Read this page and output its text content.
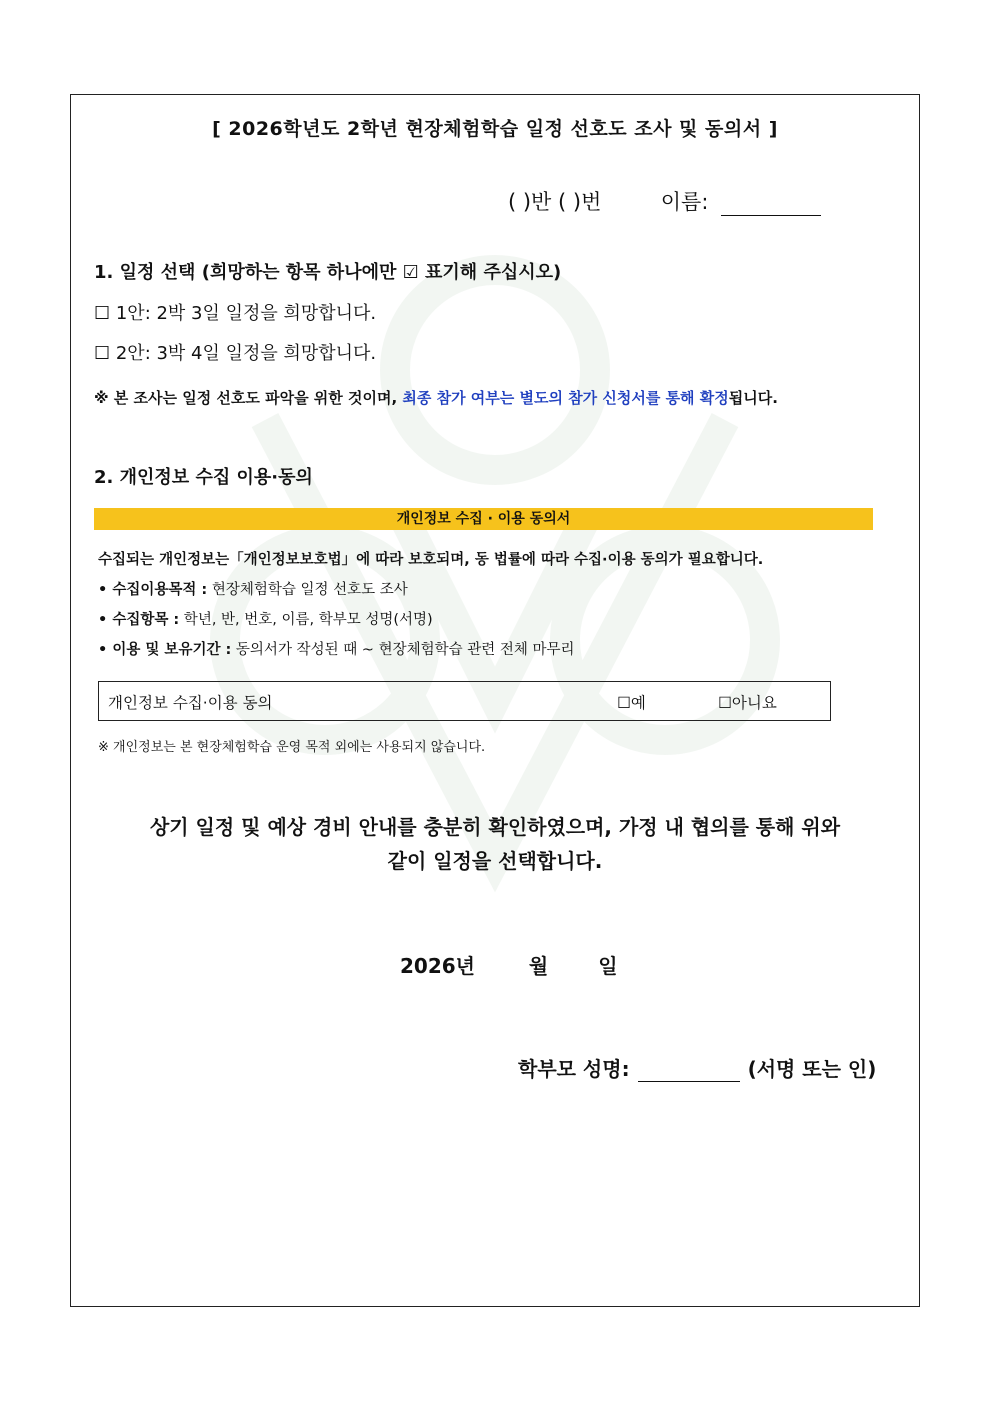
[ 2026학년도 2학년 현장체험학습 일정 선호도 조사 및 동의서 ]
( )반 ( )번	이름:
1. 일정 선택 (희망하는 항목 하나에만 ☑ 표기해 주십시오)
☐ 1안: 2박 3일 일정을 희망합니다.
☐ 2안: 3박 4일 일정을 희망합니다.
※ 본 조사는 일정 선호도 파악을 위한 것이며, 최종 참가 여부는 별도의 참가 신청서를 통해 확정됩니다.
2. 개인정보 수집 이용·동의
개인정보 수집 · 이용 동의서
수집되는 개인정보는「개인정보보호법」에 따라 보호되며, 동 법률에 따라 수집·이용 동의가 필요합니다.
• 수집이용목적 : 현장체험학습 일정 선호도 조사
• 수집항목 : 학년, 반, 번호, 이름, 학부모 성명(서명)
• 이용 및 보유기간 : 동의서가 작성된 때 ~ 현장체험학습 관련 전체 마무리
개인정보 수집·이용 동의	☐예	☐아니요
※ 개인정보는 본 현장체험학습 운영 목적 외에는 사용되지 않습니다.
상기 일정 및 예상 경비 안내를 충분히 확인하였으며, 가정 내 협의를 통해 위와
같이 일정을 선택합니다.
2026년	월 일
학부모 성명:	(서명 또는 인)
